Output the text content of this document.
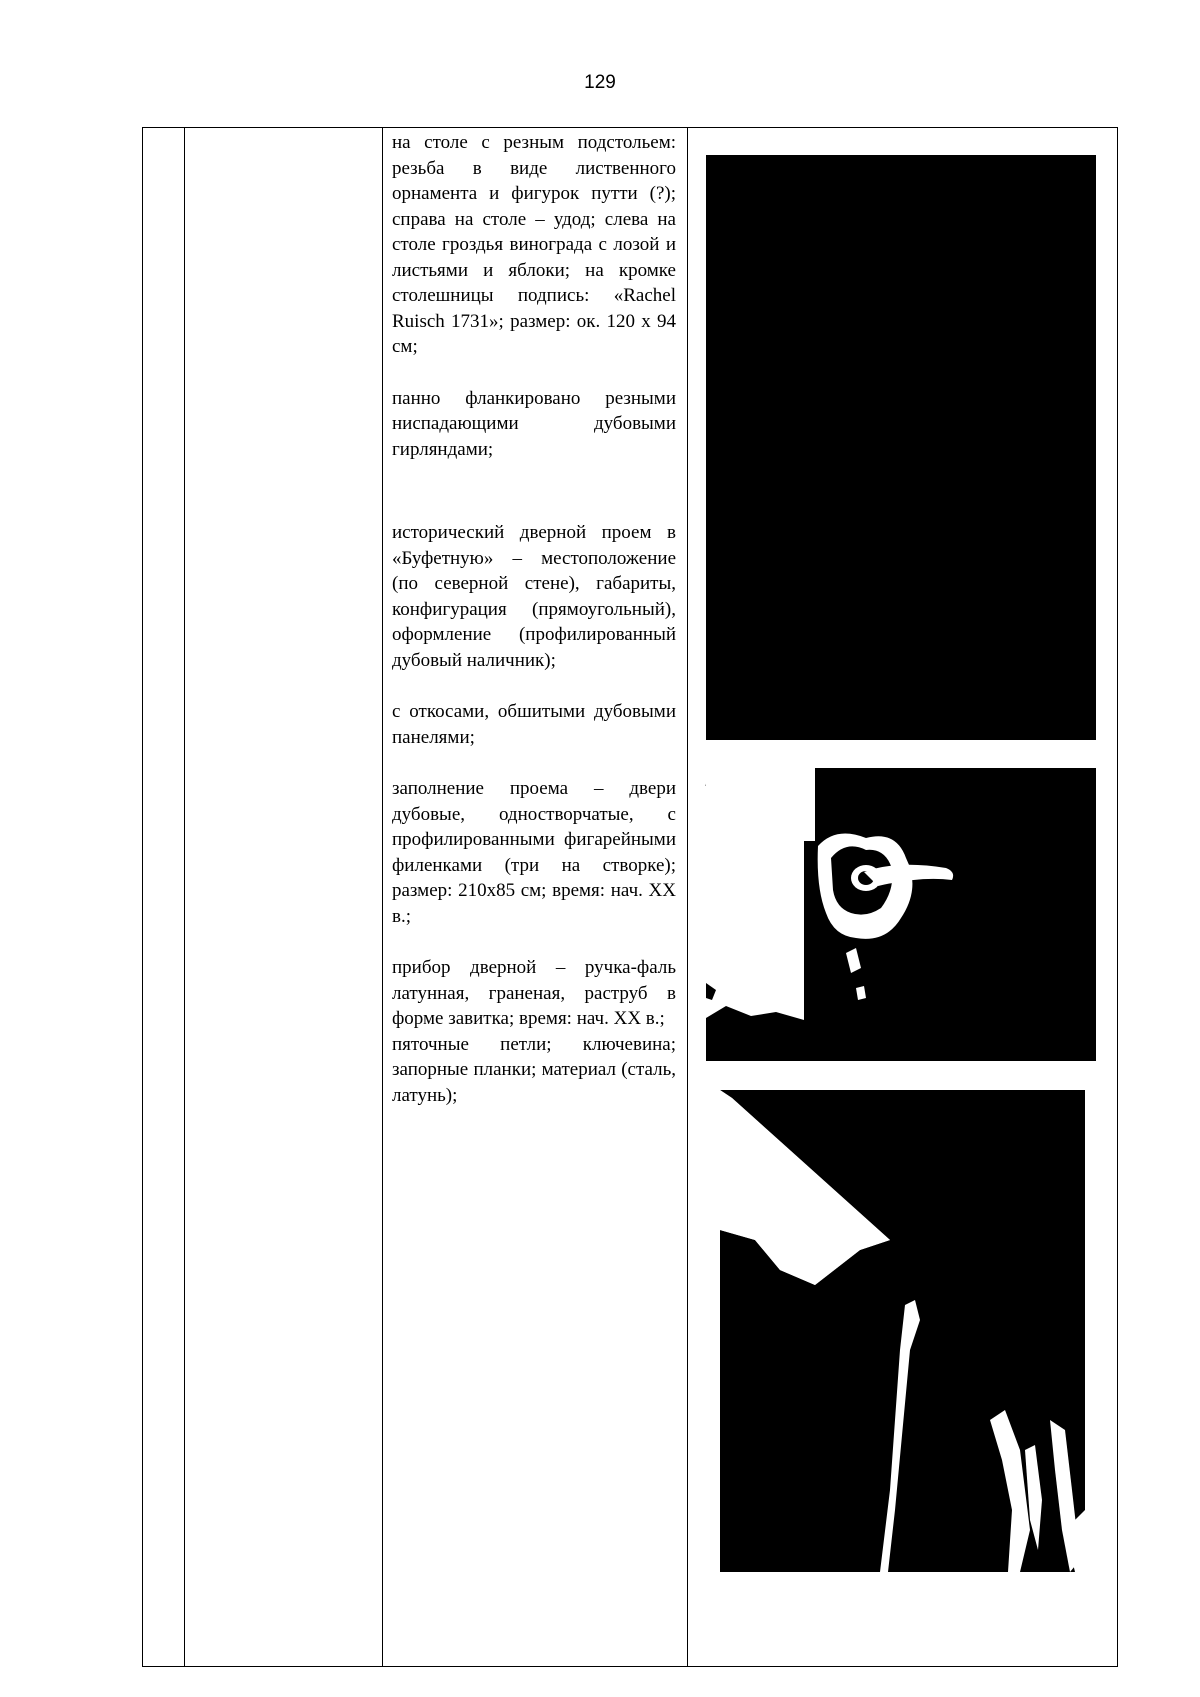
129

на столе с резным подстольем: резьба в виде лиственного орнамента и фигурок путти (?); справа на столе – удод; слева на столе гроздья винограда с лозой и листьями и яблоки; на кромке столешницы подпись: «Rachel Ruisch 1731»; размер: ок. 120 х 94 см;

панно фланкировано резными ниспадающими дубовыми гирляндами;

исторический дверной проем в «Буфетную» – местоположение (по северной стене), габариты, конфигурация (прямоугольный), оформление (профилированный дубовый наличник);

с откосами, обшитыми дубовыми панелями;

заполнение проема – двери дубовые, одностворчатые, с профилированными фигарейными филенками (три на створке); размер: 210х85 см; время: нач. XX в.;

прибор дверной – ручка-фаль латунная, граненая, раструб в форме завитка; время: нач. XX в.;

пяточные петли; ключевина; запорные планки; материал (сталь, латунь);
